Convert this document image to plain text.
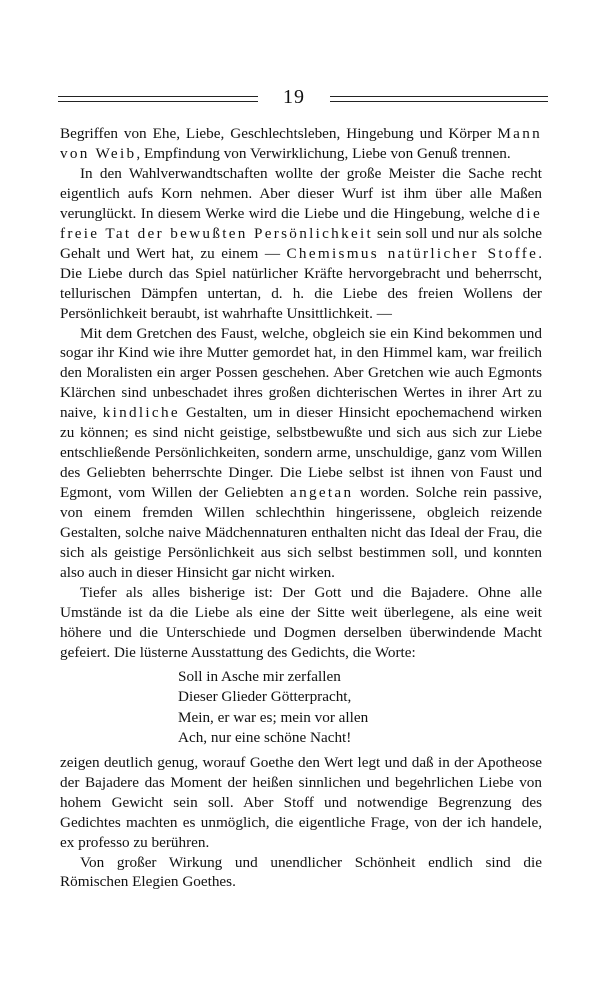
19

Begriffen von Ehe, Liebe, Geschlechtsleben, Hingebung und Körper Mann von Weib, Empfindung von Verwirklichung, Liebe von Genuß trennen.

In den Wahlverwandtschaften wollte der große Meister die Sache recht eigentlich aufs Korn nehmen. Aber dieser Wurf ist ihm über alle Maßen verunglückt. In diesem Werke wird die Liebe und die Hingebung, welche die freie Tat der bewußten Persönlichkeit sein soll und nur als solche Gehalt und Wert hat, zu einem — Chemismus natürlicher Stoffe. Die Liebe durch das Spiel natürlicher Kräfte hervorgebracht und beherrscht, tellurischen Dämpfen untertan, d. h. die Liebe des freien Wollens der Persönlichkeit beraubt, ist wahrhafte Unsittlichkeit. —

Mit dem Gretchen des Faust, welche, obgleich sie ein Kind bekommen und sogar ihr Kind wie ihre Mutter gemordet hat, in den Himmel kam, war freilich den Moralisten ein arger Possen geschehen. Aber Gretchen wie auch Egmonts Klärchen sind unbeschadet ihres großen dichterischen Wertes in ihrer Art zu naive, kindliche Gestalten, um in dieser Hinsicht epochemachend wirken zu können; es sind nicht geistige, selbstbewußte und sich aus sich zur Liebe entschließende Persönlichkeiten, sondern arme, unschuldige, ganz vom Willen des Geliebten beherrschte Dinger. Die Liebe selbst ist ihnen von Faust und Egmont, vom Willen der Geliebten angetan worden. Solche rein passive, von einem fremden Willen schlechthin hingerissene, obgleich reizende Gestalten, solche naive Mädchennaturen enthalten nicht das Ideal der Frau, die sich als geistige Persönlichkeit aus sich selbst bestimmen soll, und konnten also auch in dieser Hinsicht gar nicht wirken.

Tiefer als alles bisherige ist: Der Gott und die Bajadere. Ohne alle Umstände ist da die Liebe als eine der Sitte weit überlegene, als eine weit höhere und die Unterschiede und Dogmen derselben überwindende Macht gefeiert. Die lüsterne Ausstattung des Gedichts, die Worte:

Soll in Asche mir zerfallen
Dieser Glieder Götterpracht,
Mein, er war es; mein vor allen
Ach, nur eine schöne Nacht!

zeigen deutlich genug, worauf Goethe den Wert legt und daß in der Apotheose der Bajadere das Moment der heißen sinnlichen und begehrlichen Liebe von hohem Gewicht sein soll. Aber Stoff und notwendige Begrenzung des Gedichtes machten es unmöglich, die eigentliche Frage, von der ich handele, ex professo zu berühren.

Von großer Wirkung und unendlicher Schönheit endlich sind die Römischen Elegien Goethes.
